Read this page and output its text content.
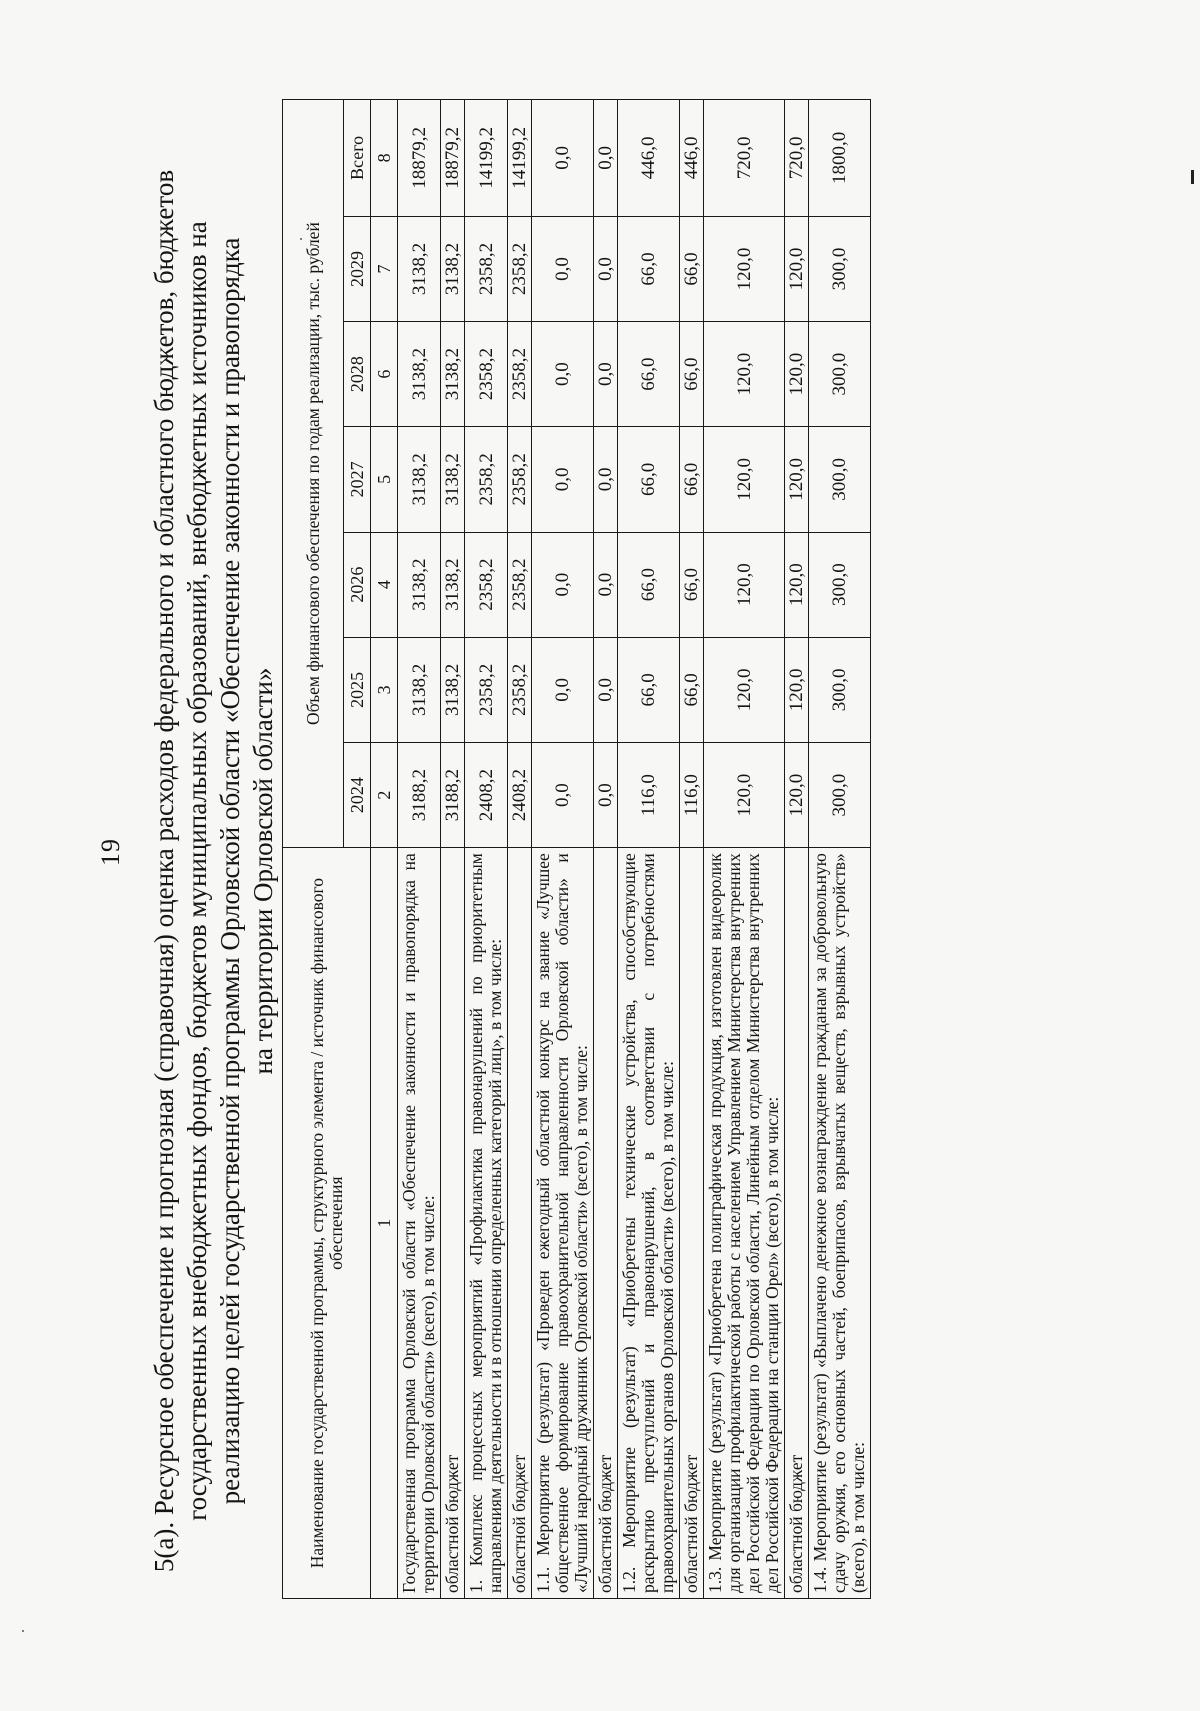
19 5(а). Ресурсное обеспечение и прогнозная (справочная) оценка расходов федерального и областного бюджетов, бюджетов государственных внебюджетных фондов, бюджетов муниципальных образований, внебюджетных источников на реализацию целей государственной программы Орловской области «Обеспечение законности и правопорядка на территории Орловской области»
Наименование государственной программы, структурного элемента / источник финансового обеспечения	Объем финансового обеспечения по годам реализации, тыс. рублей						
	2024	2025	2026	2027	2028	2029	Всего
1	2	3	4	5	6	7	8
Государственная программа Орловской области «Обеспечение законности и правопорядка на территории Орловской области» (всего), в том числе:	3188,2	3138,2	3138,2	3138,2	3138,2	3138,2	18879,2
областной бюджет	3188,2	3138,2	3138,2	3138,2	3138,2	3138,2	18879,2
1. Комплекс процессных мероприятий «Профилактика правонарушений по приоритетным направлениям деятельности и в отношении определенных категорий лиц», в том числе:	2408,2	2358,2	2358,2	2358,2	2358,2	2358,2	14199,2
областной бюджет	2408,2	2358,2	2358,2	2358,2	2358,2	2358,2	14199,2
1.1. Мероприятие (результат) «Проведен ежегодный областной конкурс на звание «Лучшее общественное формирование правоохранительной направленности Орловской области» и «Лучший народный дружинник Орловской области» (всего), в том числе:	0,0	0,0	0,0	0,0	0,0	0,0	0,0
областной бюджет	0,0	0,0	0,0	0,0	0,0	0,0	0,0
1.2. Мероприятие (результат) «Приобретены технические устройства, способствующие раскрытию преступлений и правонарушений, в соответствии с потребностями правоохранительных органов Орловской области» (всего), в том числе:	116,0	66,0	66,0	66,0	66,0	66,0	446,0
областной бюджет	116,0	66,0	66,0	66,0	66,0	66,0	446,0
1.3. Мероприятие (результат) «Приобретена полиграфическая продукция, изготовлен видеоролик для организации профилактической работы с населением Управлением Министерства внутренних дел Российской Федерации по Орловской области, Линейным отделом Министерства внутренних дел Российской Федерации на станции Орел» (всего), в том числе:	120,0	120,0	120,0	120,0	120,0	120,0	720,0
областной бюджет	120,0	120,0	120,0	120,0	120,0	120,0	720,0
1.4. Мероприятие (результат) «Выплачено денежное вознаграждение гражданам за добровольную сдачу оружия, его основных частей, боеприпасов, взрывчатых веществ, взрывных устройств» (всего), в том числе:	300,0	300,0	300,0	300,0	300,0	300,0	1800,0
